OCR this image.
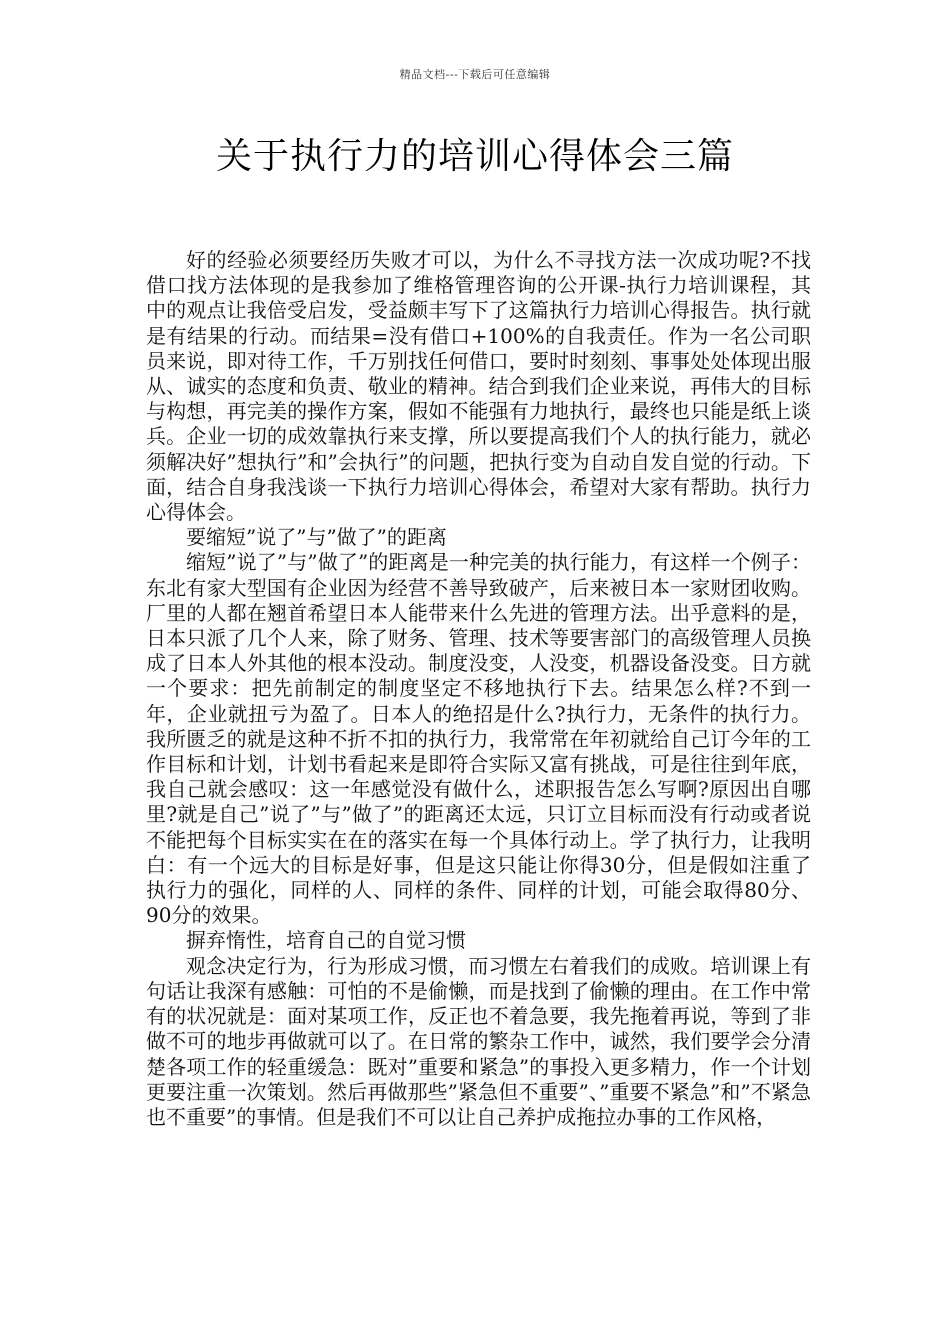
精品文档---下载后可任意编辑
关于执行力的培训心得体会三篇

好的经验必须要经历失败才可以，为什么不寻找方法一次成功呢?不找借口找方法体现的是我参加了维格管理咨询的公开课-执行力培训课程，其中的观点让我倍受启发，受益颇丰写下了这篇执行力培训心得报告。执行就是有结果的行动。而结果=没有借口+100%的自我责任。作为一名公司职员来说，即对待工作，千万别找任何借口，要时时刻刻、事事处处体现出服从、诚实的态度和负责、敬业的精神。结合到我们企业来说，再伟大的目标与构想，再完美的操作方案，假如不能强有力地执行，最终也只能是纸上谈兵。企业一切的成效靠执行来支撑，所以要提高我们个人的执行能力，就必须解决好”想执行”和”会执行”的问题，把执行变为自动自发自觉的行动。下面，结合自身我浅谈一下执行力培训心得体会，希望对大家有帮助。执行力心得体会。

要缩短”说了”与”做了”的距离

缩短”说了”与”做了”的距离是一种完美的执行能力，有这样一个例子：东北有家大型国有企业因为经营不善导致破产，后来被日本一家财团收购。厂里的人都在翘首希望日本人能带来什么先进的管理方法。出乎意料的是，日本只派了几个人来，除了财务、管理、技术等要害部门的高级管理人员换成了日本人外其他的根本没动。制度没变，人没变，机器设备没变。日方就一个要求：把先前制定的制度坚定不移地执行下去。结果怎么样?不到一年，企业就扭亏为盈了。日本人的绝招是什么?执行力，无条件的执行力。我所匮乏的就是这种不折不扣的执行力，我常常在年初就给自己订今年的工作目标和计划，计划书看起来是即符合实际又富有挑战，可是往往到年底，我自己就会感叹：这一年感觉没有做什么，述职报告怎么写啊?原因出自哪里?就是自己”说了”与”做了”的距离还太远，只订立目标而没有行动或者说不能把每个目标实实在在的落实在每一个具体行动上。学了执行力，让我明白：有一个远大的目标是好事，但是这只能让你得30分，但是假如注重了执行力的强化，同样的人、同样的条件、同样的计划，可能会取得80分、90分的效果。

摒弃惰性，培育自己的自觉习惯

观念决定行为，行为形成习惯，而习惯左右着我们的成败。培训课上有句话让我深有感触：可怕的不是偷懒，而是找到了偷懒的理由。在工作中常有的状况就是：面对某项工作，反正也不着急要，我先拖着再说，等到了非做不可的地步再做就可以了。在日常的繁杂工作中，诚然，我们要学会分清楚各项工作的轻重缓急：既对”重要和紧急”的事投入更多精力，作一个计划更要注重一次策划。然后再做那些”紧急但不重要”、”重要不紧急”和”不紧急也不重要”的事情。但是我们不可以让自己养护成拖拉办事的工作风格，
